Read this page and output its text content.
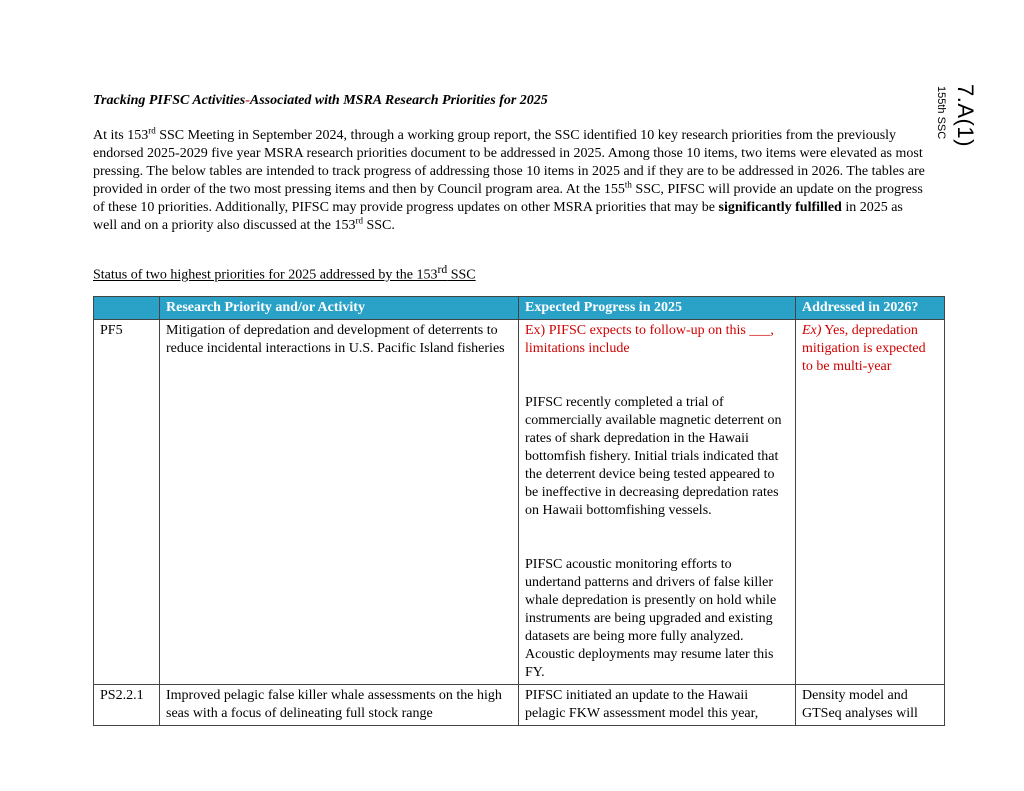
7.A(1)
155th SSC

Tracking PIFSC Activities-Associated with MSRA Research Priorities for 2025

At its 153rd SSC Meeting in September 2024, through a working group report, the SSC identified 10 key research priorities from the previously endorsed 2025-2029 five year MSRA research priorities document to be addressed in 2025. Among those 10 items, two items were elevated as most pressing. The below tables are intended to track progress of addressing those 10 items in 2025 and if they are to be addressed in 2026. The tables are provided in order of the two most pressing items and then by Council program area. At the 155th SSC, PIFSC will provide an update on the progress of these 10 priorities. Additionally, PIFSC may provide progress updates on other MSRA priorities that may be significantly fulfilled in 2025 as well and on a priority also discussed at the 153rd SSC.

Status of two highest priorities for 2025 addressed by the 153rd SSC

	Research Priority and/or Activity	Expected Progress in 2025	Addressed in 2026?
PF5	Mitigation of depredation and development of deterrents to reduce incidental interactions in U.S. Pacific Island fisheries	Ex) PIFSC expects to follow-up on this ___, limitations include
PIFSC recently completed a trial of commercially available magnetic deterrent on rates of shark depredation in the Hawaii bottomfish fishery. Initial trials indicated that the deterrent device being tested appeared to be ineffective in decreasing depredation rates on Hawaii bottomfishing vessels.
PIFSC acoustic monitoring efforts to undertand patterns and drivers of false killer whale depredation is presently on hold while instruments are being upgraded and existing datasets are being more fully analyzed. Acoustic deployments may resume later this FY.	Ex) Yes, depredation mitigation is expected to be multi-year
PS2.2.1	Improved pelagic false killer whale assessments on the high seas with a focus of delineating full stock range	PIFSC initiated an update to the Hawaii pelagic FKW assessment model this year,	Density model and GTSeq analyses will
